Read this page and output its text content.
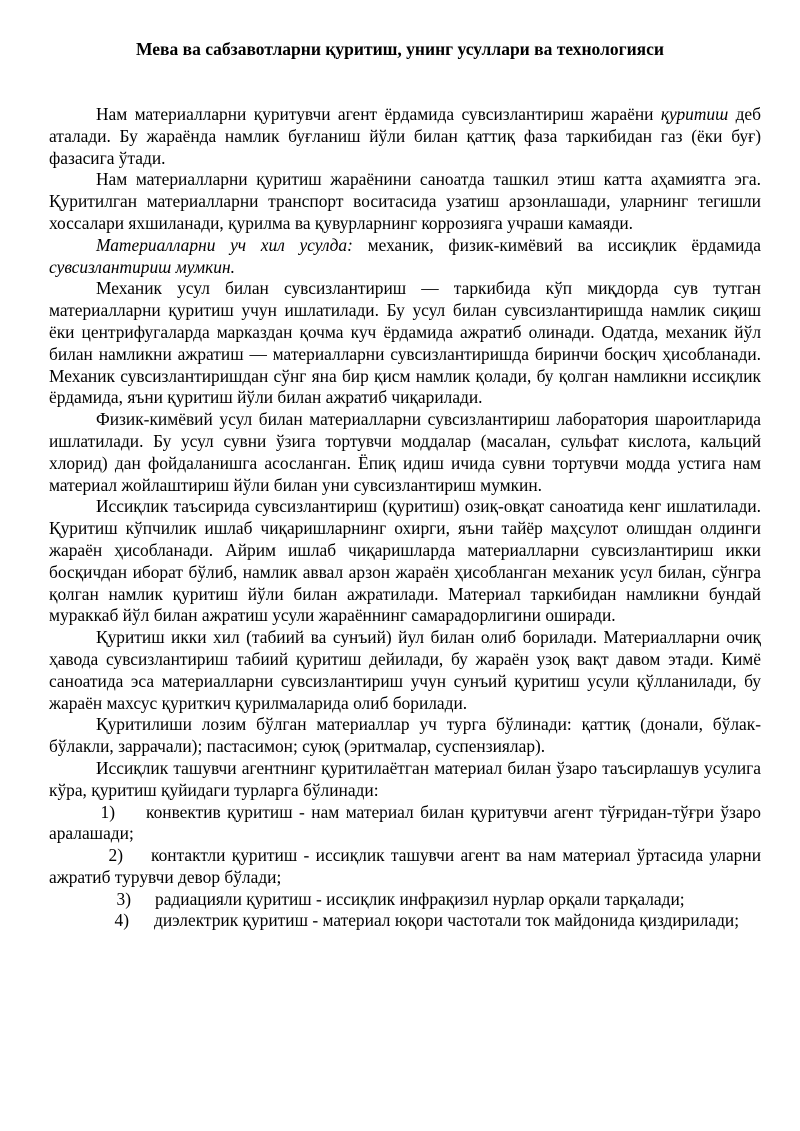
Мева ва сабзавотларни қуритиш, унинг усуллари ва технологияси

Нам материалларни қуритувчи агент ёрдамида сувсизлантириш жараёни қуритиш деб аталади. Бу жараёнда намлик буғланиш йўли билан қаттиқ фаза таркибидан газ (ёки буғ) фазасига ўтади.

Нам материалларни қуритиш жараёнини саноатда ташкил этиш катта аҳамиятга эга. Қуритилган материалларни транспорт воситасида узатиш арзонлашади, уларнинг тегишли хоссалари яхшиланади, қурилма ва қувурларнинг коррозияга учраши камаяди.

Материалларни уч хил усулда: механик, физик-кимёвий ва иссиқлик ёрдамида сувсизлантириш мумкин.

Механик усул билан сувсизлантириш — таркибида кўп миқдорда сув тутган материалларни қуритиш учун ишлатилади. Бу усул билан сувсизлантиришда намлик сиқиш ёки центрифугаларда марказдан қочма куч ёрдамида ажратиб олинади. Одатда, механик йўл билан намликни ажратиш — материалларни сувсизлантиришда биринчи босқич ҳисобланади. Механик сувсизлантиришдан сўнг яна бир қисм намлик қолади, бу қолган намликни иссиқлик ёрдамида, яъни қуритиш йўли билан ажратиб чиқарилади.

Физик-кимёвий усул билан материалларни сувсизлантириш лаборатория шароитларида ишлатилади. Бу усул сувни ўзига тортувчи моддалар (масалан, сульфат кислота, кальций хлорид) дан фойдаланишга асосланган. Ёпиқ идиш ичида сувни тортувчи модда устига нам материал жойлаштириш йўли билан уни сувсизлантириш мумкин.

Иссиқлик таъсирида сувсизлантириш (қуритиш) озиқ-овқат саноатида кенг ишлатилади. Қуритиш кўпчилик ишлаб чиқаришларнинг охирги, яъни тайёр маҳсулот олишдан олдинги жараён ҳисобланади. Айрим ишлаб чиқаришларда материалларни сувсизлантириш икки босқичдан иборат бўлиб, намлик аввал арзон жараён ҳисобланган механик усул билан, сўнгра қолган намлик қуритиш йўли билан ажратилади. Материал таркибидан намликни бундай мураккаб йўл билан ажратиш усули жараённинг самарадорлигини оширади.

Қуритиш икки хил (табиий ва сунъий) йул билан олиб борилади. Материалларни очиқ ҳавода сувсизлантириш табиий қуритиш дейилади, бу жараён узоқ вақт давом этади. Кимё саноатида эса материалларни сувсизлантириш учун сунъий қуритиш усули қўлланилади, бу жараён махсус қуриткич қурилмаларида олиб борилади.

Қуритилиши лозим бўлган материаллар уч турга бўлинади: қаттиқ (донали, бўлак-бўлакли, заррачали); пастасимон; суюқ (эритмалар, суспензиялар).

Иссиқлик ташувчи агентнинг қуритилаётган материал билан ўзаро таъсирлашув усулига кўра, қуритиш қуйидаги турларга бўлинади:

1) конвектив қуритиш - нам материал билан қуритувчи агент тўғридан-тўғри ўзаро аралашади;

2) контактли қуритиш - иссиқлик ташувчи агент ва нам материал ўртасида уларни ажратиб турувчи девор бўлади;

3) радиацияли қуритиш - иссиқлик инфрақизил нурлар орқали тарқалади;

4) диэлектрик қуритиш - материал юқори частотали ток майдонида қиздирилади;
